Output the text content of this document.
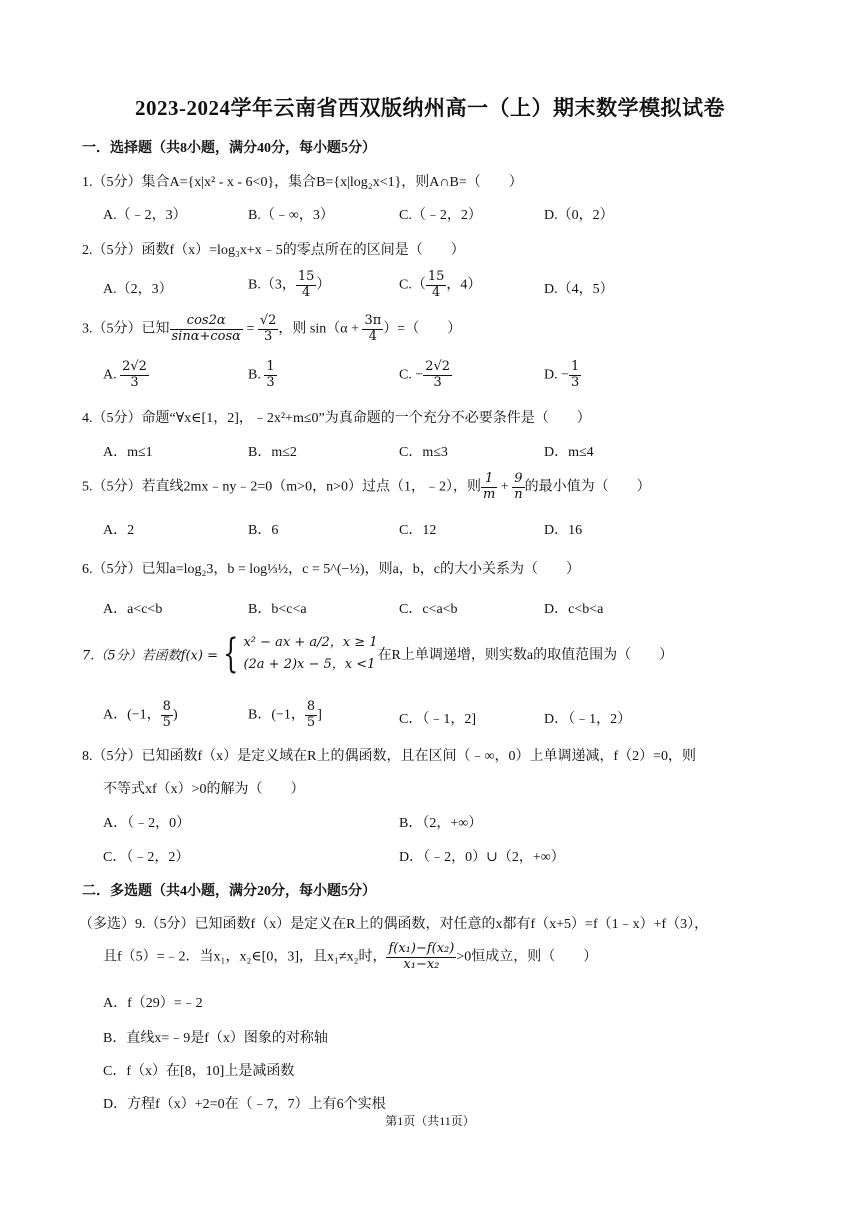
2023-2024学年云南省西双版纳州高一（上）期末数学模拟试卷
一．选择题（共8小题，满分40分，每小题5分）
1.（5分）集合A={x|x² - x - 6<0}，集合B={x|log₂x<1}，则A∩B=（　　）
A.（﹣2，3）	B.（﹣∞，3）	C.（﹣2，2）	D.（0，2）
2.（5分）函数f（x）=log₃x+x﹣5的零点所在的区间是（　　）
A.（2，3）	B.（3， $\frac{15}{4}$ ）	$C.( \frac{15}{4}$ ，4）	D.（4，5）
3.（5分）已知 $\frac{\cos 2\alpha}{\sin\alpha+\cos\alpha} = \frac{√2}{3}$ ，则 $\sin(\alpha + \frac{3\pi}{4}$ ）=（　　）
A. $\frac{2√2}{3}$	B. $\frac{1}{3}$	C. − $\frac{2√2}{3}$	D. − $\frac{1}{3}$
4.（5分）命题“∀x∈[1，2]，﹣2x²+m≤0”为真命题的一个充分不必要条件是（　　）
A．m≤1	B．m≤2	C．m≤3	D．m≤4
5.（5分）若直线2mx﹣ny﹣2=0（m>0，n>0）过点（1，﹣2），则 $\frac{1}{m} + \frac{9}{n}$ 的最小值为（　　）
A．2	B．6	C．12	D．16
6.（5分）已知a=log₂3，b = log⅓½，c = 5^(−½)，则a，b，c的大小关系为（　　）
A．a<c<b	B．b<c<a	C．c<a<b	D．c<b<a
7.（5分）若函数f(x) = { x² − ax + a/2，x ≥ 1
(2a + 2)x − 5，x <1
在R上单调递增，则实数a的取值范围为（　　）
A．(−1， $\frac{8}{5}$ )	B．(−1， $\frac{8}{5}$ ]	C．（﹣1，2]	D．（﹣1，2）
8.（5分）已知函数f（x）是定义域在R上的偶函数，且在区间（﹣∞，0）上单调递减，f（2）=0，则
不等式xf（x）>0的解为（　　）
A．（﹣2，0）	B．（2，+∞）
C．（﹣2，2）	D．（﹣2，0）∪（2，+∞）
二．多选题（共4小题，满分20分，每小题5分）
（多选）9.（5分）已知函数f（x）是定义在R上的偶函数，对任意的x都有f（x+5）=f（1﹣x）+f（3），
且f（5）=﹣2．当x₁，x₂∈[0，3]，且x₁≠x₂时， $\frac{\text{f(x₁)−f(x₂)}}{\text{x₁−x₂}} >0$恒成立，则（　　）
A．f（29）=﹣2
B．直线x=﹣9是f（x）图象的对称轴
C．f（x）在[8，10]上是减函数
D．方程f（x）+2=0在（﹣7，7）上有6个实根
第1页（共11页）
